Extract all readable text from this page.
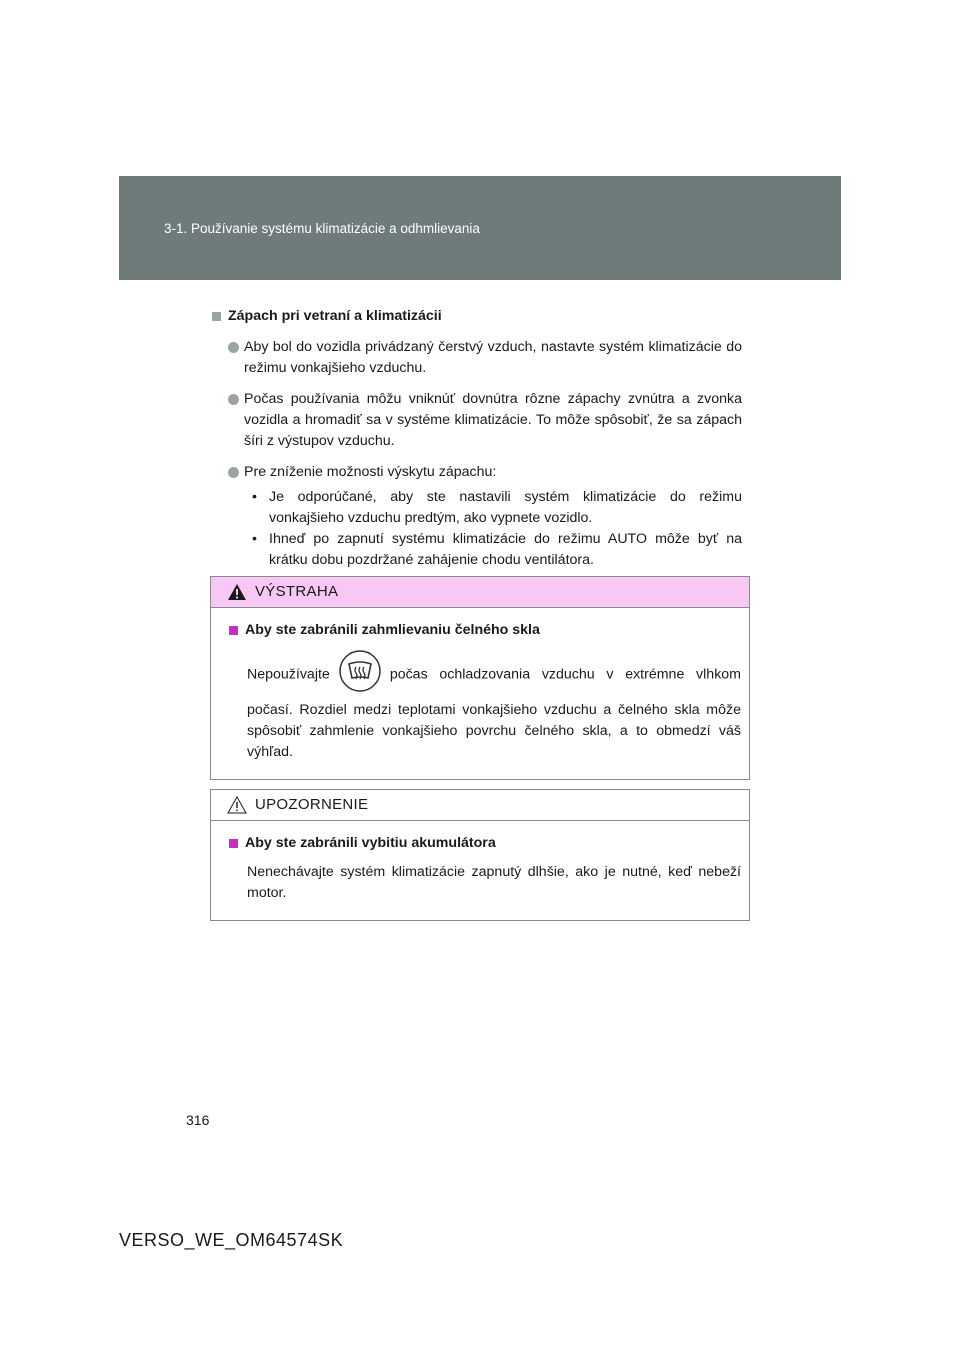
3-1. Používanie systému klimatizácie a odhmlievania
Zápach pri vetraní a klimatizácii
Aby bol do vozidla privádzaný čerstvý vzduch, nastavte systém klimatizácie do režimu vonkajšieho vzduchu.
Počas používania môžu vniknúť dovnútra rôzne zápachy zvnútra a zvonka vozidla a hromadiť sa v systéme klimatizácie. To môže spôsobiť, že sa zápach šíri z výstupov vzduchu.
Pre zníženie možnosti výskytu zápachu:
• Je odporúčané, aby ste nastavili systém klimatizácie do režimu vonkajšieho vzduchu predtým, ako vypnete vozidlo.
• Ihneď po zapnutí systému klimatizácie do režimu AUTO môže byť na krátku dobu pozdržané zahájenie chodu ventilátora.
VÝSTRAHA
Aby ste zabránili zahmlievaniu čelného skla
Nepoužívajte	počas ochladzovania vzduchu v extrémne vlhkom počasí. Rozdiel medzi teplotami vonkajšieho vzduchu a čelného skla môže spôsobiť zahmlenie vonkajšieho povrchu čelného skla, a to obmedzí váš výhľad.
UPOZORNENIE
Aby ste zabránili vybitiu akumulátora
Nenechávajte systém klimatizácie zapnutý dlhšie, ako je nutné, keď nebeží motor.
316
VERSO_WE_OM64574SK
